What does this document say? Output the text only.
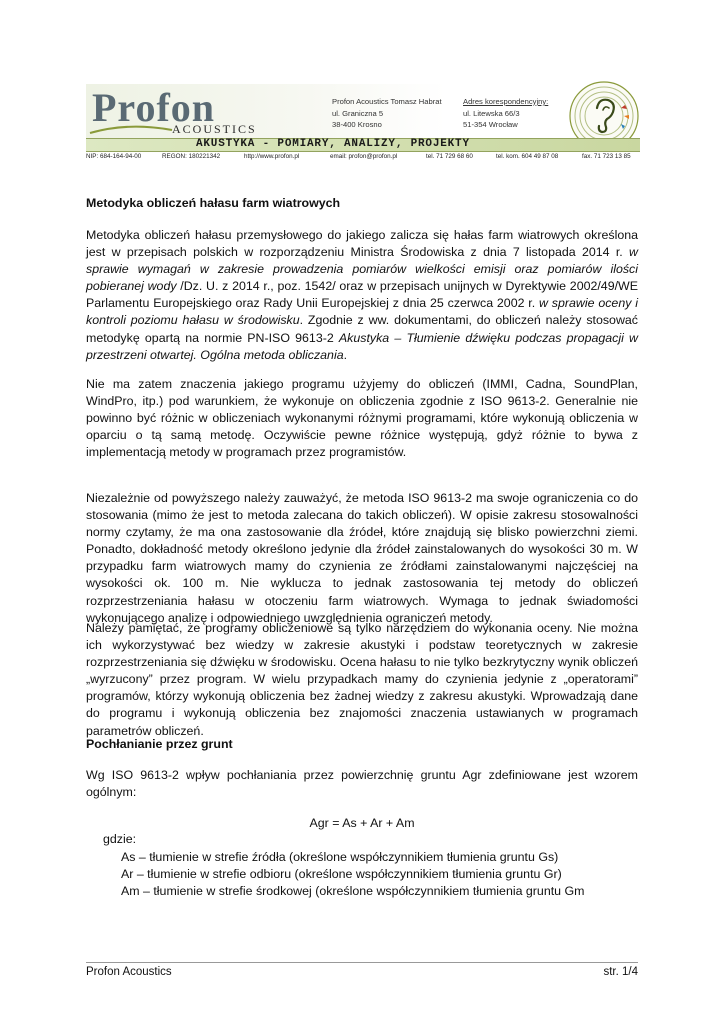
Profon
ACOUSTICS
Profon Acoustics Tomasz Habrat
ul. Graniczna 5
38-400 Krosno
Adres korespondencyjny:
ul. Litewska 66/3
51-354 Wrocław
AKUSTYKA - POMIARY, ANALIZY, PROJEKTY
NIP: 684-164-94-00	REGON: 180221342	http://www.profon.pl	email: profon@profon.pl	tel. 71 729 68 60	tel. kom. 604 49 87 08	fax. 71 723 13 85
Metodyka obliczeń hałasu farm wiatrowych
Metodyka obliczeń hałasu przemysłowego do jakiego zalicza się hałas farm wiatrowych określona jest w przepisach polskich w rozporządzeniu Ministra Środowiska z dnia 7 listopada 2014 r. w sprawie wymagań w zakresie prowadzenia pomiarów wielkości emisji oraz pomiarów ilości pobieranej wody /Dz. U. z 2014 r., poz. 1542/ oraz w przepisach unijnych w Dyrektywie 2002/49/WE Parlamentu Europejskiego oraz Rady Unii Europejskiej z dnia 25 czerwca 2002 r. w sprawie oceny i kontroli poziomu hałasu w środowisku. Zgodnie z ww. dokumentami, do obliczeń należy stosować metodykę opartą na normie PN-ISO 9613-2 Akustyka – Tłumienie dźwięku podczas propagacji w przestrzeni otwartej. Ogólna metoda obliczania.
Nie ma zatem znaczenia jakiego programu użyjemy do obliczeń (IMMI, Cadna, SoundPlan, WindPro, itp.) pod warunkiem, że wykonuje on obliczenia zgodnie z ISO 9613-2. Generalnie nie powinno być różnic w obliczeniach wykonanymi różnymi programami, które wykonują obliczenia w oparciu o tą samą metodę. Oczywiście pewne różnice występują, gdyż różnie to bywa z implementacją metody w programach przez programistów.
Niezależnie od powyższego należy zauważyć, że metoda ISO 9613-2 ma swoje ograniczenia co do stosowania (mimo że jest to metoda zalecana do takich obliczeń). W opisie zakresu stosowalności normy czytamy, że ma ona zastosowanie dla źródeł, które znajdują się blisko powierzchni ziemi. Ponadto, dokładność metody określono jedynie dla źródeł zainstalowanych do wysokości 30 m. W przypadku farm wiatrowych mamy do czynienia ze źródłami zainstalowanymi najczęściej na wysokości ok. 100 m. Nie wyklucza to jednak zastosowania tej metody do obliczeń rozprzestrzeniania hałasu w otoczeniu farm wiatrowych. Wymaga to jednak świadomości wykonującego analizę i odpowiedniego uwzględnienia ograniczeń metody.
Należy pamiętać, że programy obliczeniowe są tylko narzędziem do wykonania oceny. Nie można ich wykorzystywać bez wiedzy w zakresie akustyki i podstaw teoretycznych w zakresie rozprzestrzeniania się dźwięku w środowisku. Ocena hałasu to nie tylko bezkrytyczny wynik obliczeń „wyrzucony” przez program. W wielu przypadkach mamy do czynienia jedynie z „operatorami” programów, którzy wykonują obliczenia bez żadnej wiedzy z zakresu akustyki. Wprowadzają dane do programu i wykonują obliczenia bez znajomości znaczenia ustawianych w programach parametrów obliczeń.
Pochłanianie przez grunt
Wg ISO 9613-2 wpływ pochłaniania przez powierzchnię gruntu Agr zdefiniowane jest wzorem ogólnym:
Agr = As + Ar + Am
gdzie:
As – tłumienie w strefie źródła (określone współczynnikiem tłumienia gruntu Gs)
Ar – tłumienie w strefie odbioru (określone współczynnikiem tłumienia gruntu Gr)
Am – tłumienie w strefie środkowej (określone współczynnikiem tłumienia gruntu Gm
Profon Acoustics	str. 1/4
